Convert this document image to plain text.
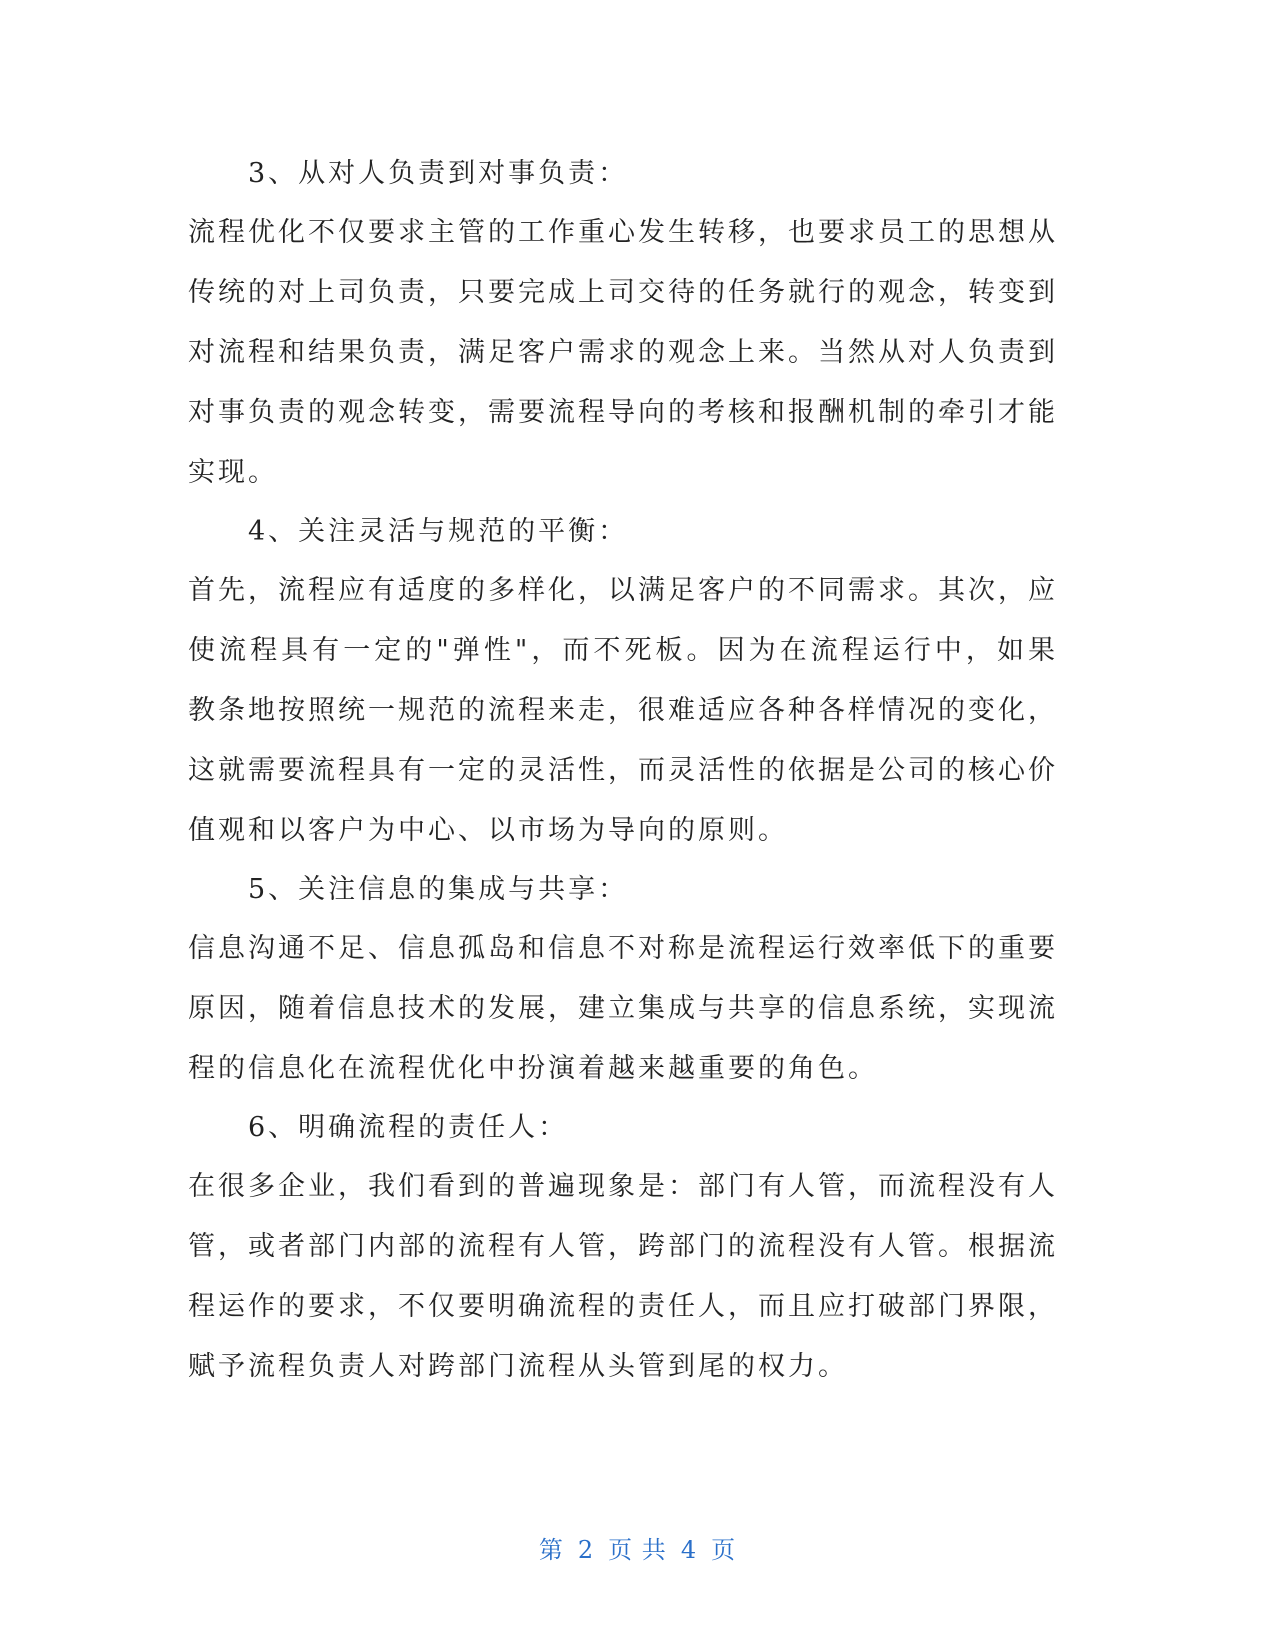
3、从对人负责到对事负责：

流程优化不仅要求主管的工作重心发生转移，也要求员工的思想从传统的对上司负责，只要完成上司交待的任务就行的观念，转变到对流程和结果负责，满足客户需求的观念上来。当然从对人负责到对事负责的观念转变，需要流程导向的考核和报酬机制的牵引才能实现。

4、关注灵活与规范的平衡：

首先，流程应有适度的多样化，以满足客户的不同需求。其次，应使流程具有一定的"弹性"，而不死板。因为在流程运行中，如果教条地按照统一规范的流程来走，很难适应各种各样情况的变化，这就需要流程具有一定的灵活性，而灵活性的依据是公司的核心价值观和以客户为中心、以市场为导向的原则。

5、关注信息的集成与共享：

信息沟通不足、信息孤岛和信息不对称是流程运行效率低下的重要原因，随着信息技术的发展，建立集成与共享的信息系统，实现流程的信息化在流程优化中扮演着越来越重要的角色。

6、明确流程的责任人：

在很多企业，我们看到的普遍现象是：部门有人管，而流程没有人管，或者部门内部的流程有人管，跨部门的流程没有人管。根据流程运作的要求，不仅要明确流程的责任人，而且应打破部门界限，赋予流程负责人对跨部门流程从头管到尾的权力。

第 2 页 共 4 页
